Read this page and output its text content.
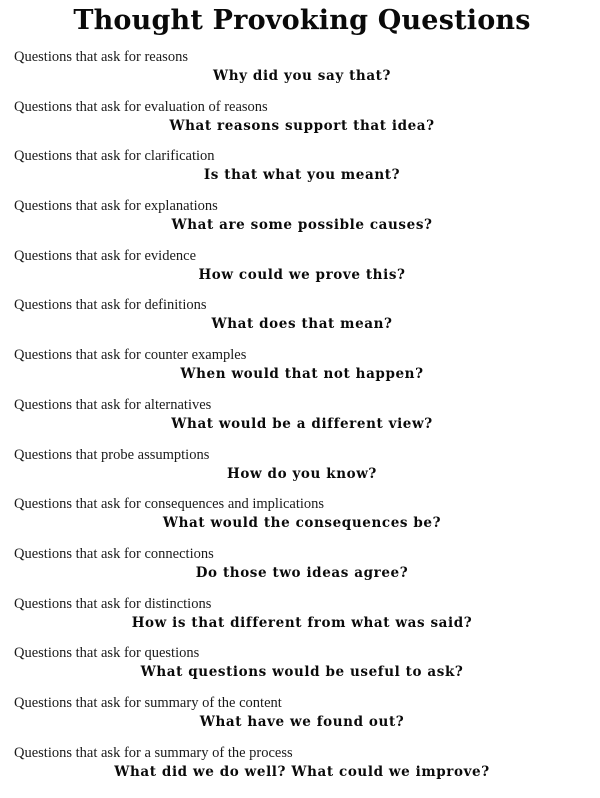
Thought Provoking Questions
Questions that ask for reasons
Why did you say that?
Questions that ask for evaluation of reasons
What reasons support that idea?
Questions that ask for clarification
Is that what you meant?
Questions that ask for explanations
What are some possible causes?
Questions that ask for evidence
How could we prove this?
Questions that ask for definitions
What does that mean?
Questions that ask for counter examples
When would that not happen?
Questions that ask for alternatives
What would be a different view?
Questions that probe assumptions
How do you know?
Questions that ask for consequences and implications
What would the consequences be?
Questions that ask for connections
Do those two ideas agree?
Questions that ask for distinctions
How is that different from what was said?
Questions that ask for questions
What questions would be useful to ask?
Questions that ask for summary of the content
What have we found out?
Questions that ask for a summary of the process
What did we do well? What could we improve?
